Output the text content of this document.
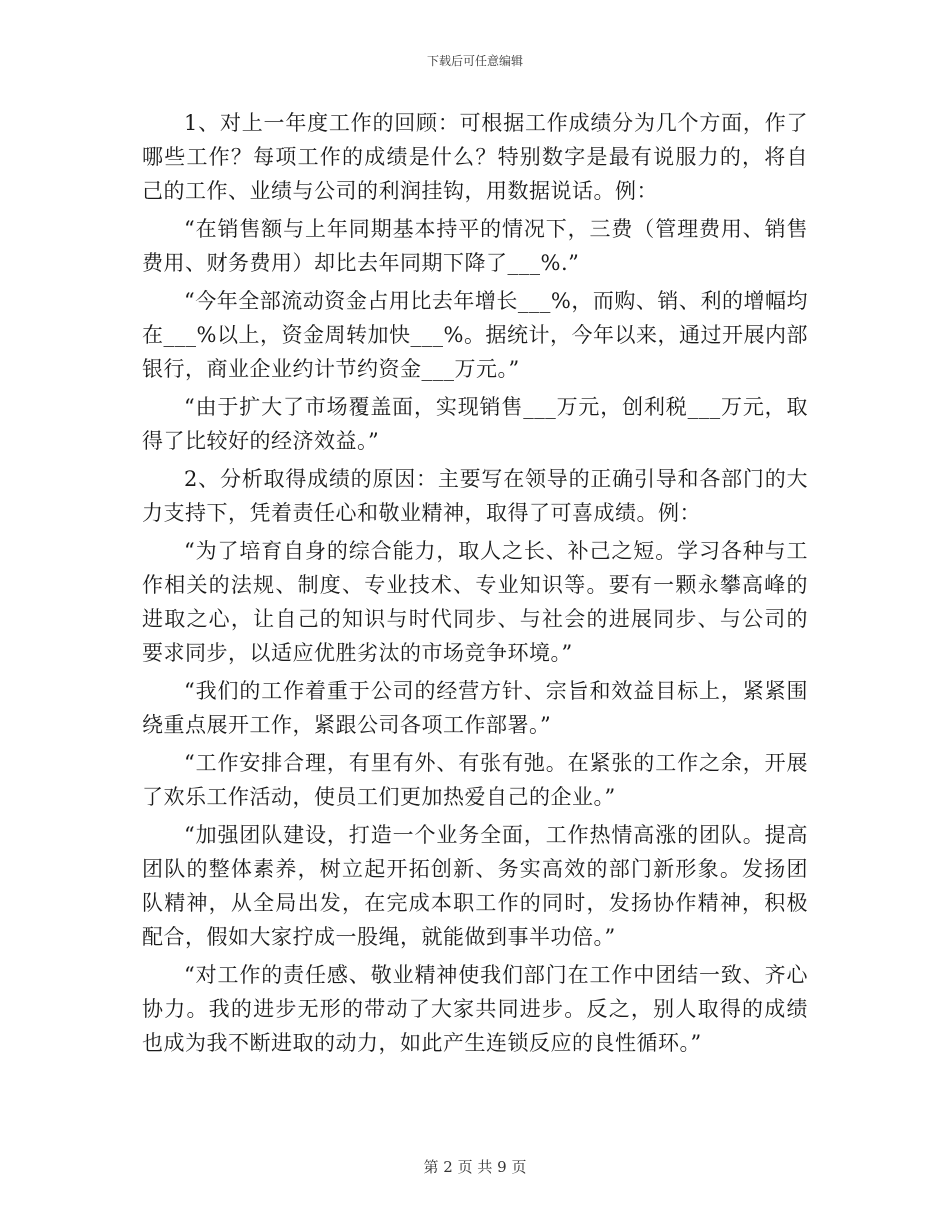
下载后可任意编辑

1、对上一年度工作的回顾：可根据工作成绩分为几个方面，作了哪些工作？每项工作的成绩是什么？特别数字是最有说服力的，将自己的工作、业绩与公司的利润挂钩，用数据说话。例：

“在销售额与上年同期基本持平的情况下，三费（管理费用、销售费用、财务费用）却比去年同期下降了___%.”

“今年全部流动资金占用比去年增长___%，而购、销、利的增幅均在___%以上，资金周转加快___%。据统计，今年以来，通过开展内部银行，商业企业约计节约资金___万元。”

“由于扩大了市场覆盖面，实现销售___万元，创利税___万元，取得了比较好的经济效益。”

2、分析取得成绩的原因：主要写在领导的正确引导和各部门的大力支持下，凭着责任心和敬业精神，取得了可喜成绩。例：

“为了培育自身的综合能力，取人之长、补己之短。学习各种与工作相关的法规、制度、专业技术、专业知识等。要有一颗永攀高峰的进取之心，让自己的知识与时代同步、与社会的进展同步、与公司的要求同步，以适应优胜劣汰的市场竞争环境。”

“我们的工作着重于公司的经营方针、宗旨和效益目标上，紧紧围绕重点展开工作，紧跟公司各项工作部署。”

“工作安排合理，有里有外、有张有弛。在紧张的工作之余，开展了欢乐工作活动，使员工们更加热爱自己的企业。”

“加强团队建设，打造一个业务全面，工作热情高涨的团队。提高团队的整体素养，树立起开拓创新、务实高效的部门新形象。发扬团队精神，从全局出发，在完成本职工作的同时，发扬协作精神，积极配合，假如大家拧成一股绳，就能做到事半功倍。”

“对工作的责任感、敬业精神使我们部门在工作中团结一致、齐心协力。我的进步无形的带动了大家共同进步。反之，别人取得的成绩也成为我不断进取的动力，如此产生连锁反应的良性循环。”

第 2 页 共 9 页
